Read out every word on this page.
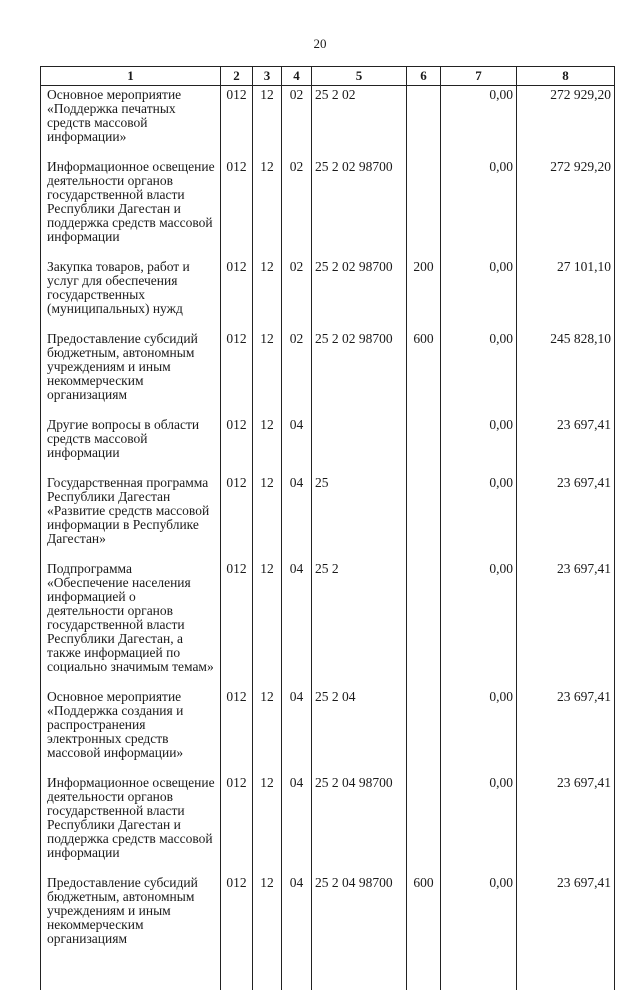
20
1	2	3	4	5	6	7	8
Основное мероприятие «Поддержка печатных средств массовой информации»	012	12	02	25 2 02		0,00	272 929,20
Информационное освещение деятельности органов государственной власти Республики Дагестан и поддержка средств массовой информации	012	12	02	25 2 02 98700		0,00	272 929,20
Закупка товаров, работ и услуг для обеспечения государственных (муниципальных) нужд	012	12	02	25 2 02 98700	200	0,00	27 101,10
Предоставление субсидий бюджетным, автономным учреждениям и иным некоммерческим организациям	012	12	02	25 2 02 98700	600	0,00	245 828,10
Другие вопросы в области средств массовой информации	012	12	04			0,00	23 697,41
Государственная программа Республики Дагестан «Развитие средств массовой информации в Республике Дагестан»	012	12	04	25		0,00	23 697,41
Подпрограмма «Обеспечение населения информацией о деятельности органов государственной власти Республики Дагестан, а также информацией по социально значимым темам»	012	12	04	25 2		0,00	23 697,41
Основное мероприятие «Поддержка создания и распространения электронных средств массовой информации»	012	12	04	25 2 04		0,00	23 697,41
Информационное освещение деятельности органов государственной власти Республики Дагестан и поддержка средств массовой информации	012	12	04	25 2 04 98700		0,00	23 697,41
Предоставление субсидий бюджетным, автономным учреждениям и иным некоммерческим организациям	012	12	04	25 2 04 98700	600	0,00	23 697,41
